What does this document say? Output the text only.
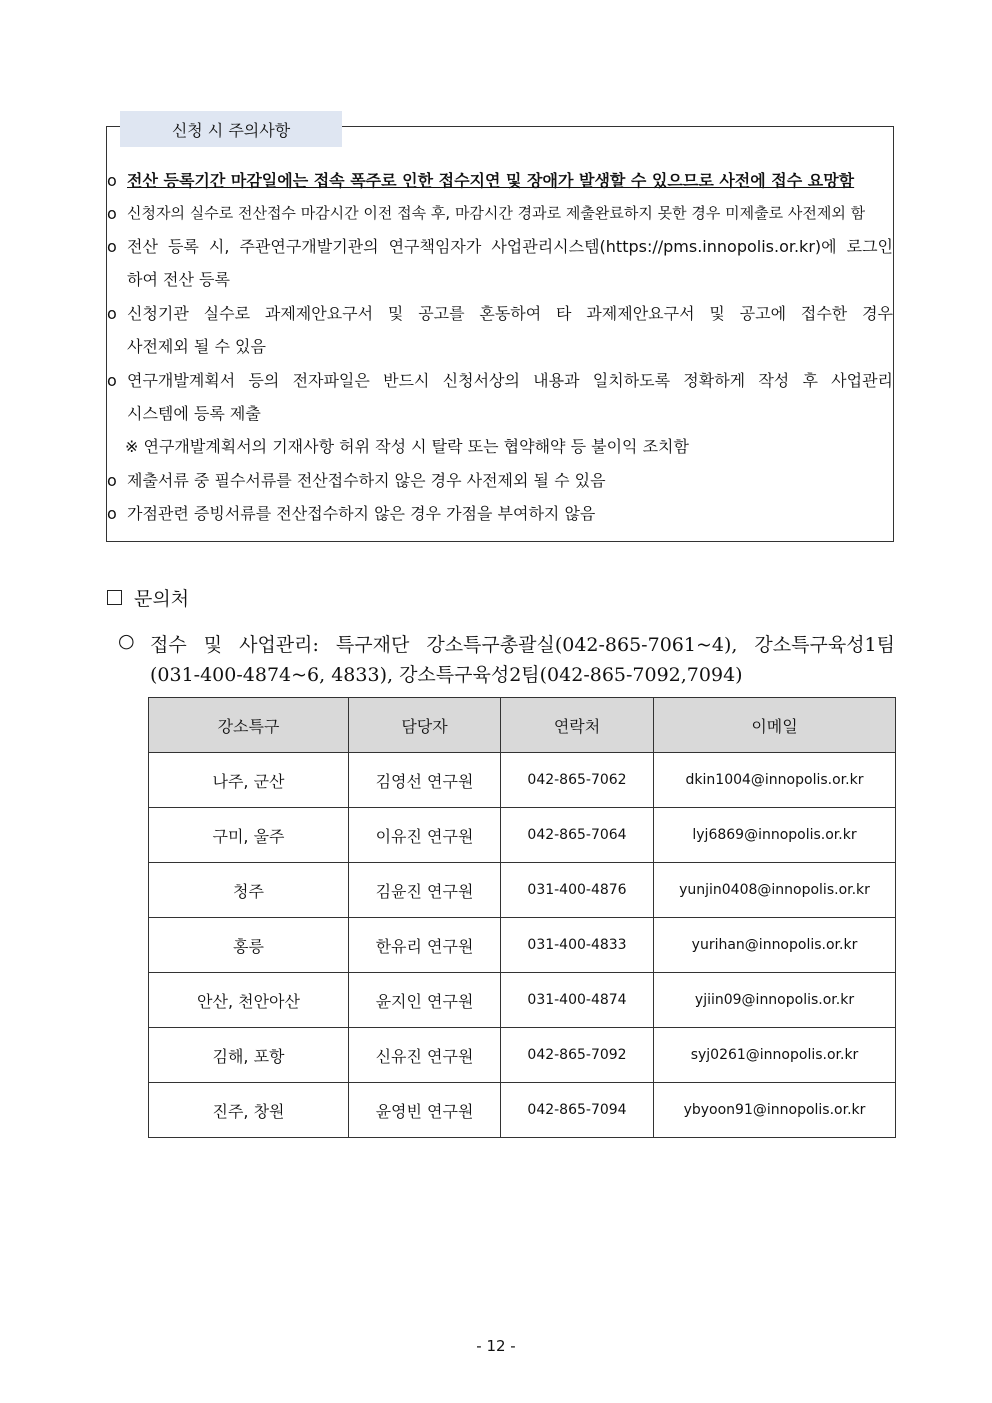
신청 시 주의사항
o 전산 등록기간 마감일에는 접속 폭주로 인한 접수지연 및 장애가 발생할 수 있으므로 사전에 접수 요망함
o 신청자의 실수로 전산접수 마감시간 이전 접속 후, 마감시간 경과로 제출완료하지 못한 경우 미제출로 사전제외 함
o 전산 등록 시, 주관연구개발기관의 연구책임자가 사업관리시스템(https://pms.innopolis.or.kr)에 로그인
하여 전산 등록
o 신청기관 실수로 과제제안요구서 및 공고를 혼동하여 타 과제제안요구서 및 공고에 접수한 경우
사전제외 될 수 있음
o 연구개발계획서 등의 전자파일은 반드시 신청서상의 내용과 일치하도록 정확하게 작성 후 사업관리
시스템에 등록 제출
※ 연구개발계획서의 기재사항 허위 작성 시 탈락 또는 협약해약 등 불이익 조치함
o 제출서류 중 필수서류를 전산접수하지 않은 경우 사전제외 될 수 있음
o 가점관련 증빙서류를 전산접수하지 않은 경우 가점을 부여하지 않음
문의처
○ 접수 및 사업관리: 특구재단 강소특구총괄실(042-865-7061~4), 강소특구육성1팀
(031-400-4874~6, 4833), 강소특구육성2팀(042-865-7092,7094)
강소특구	담당자	연락처	이메일
나주, 군산	김영선 연구원	042-865-7062	dkin1004@innopolis.or.kr
구미, 울주	이유진 연구원	042-865-7064	lyj6869@innopolis.or.kr
청주	김윤진 연구원	031-400-4876	yunjin0408@innopolis.or.kr
홍릉	한유리 연구원	031-400-4833	yurihan@innopolis.or.kr
안산, 천안아산	윤지인 연구원	031-400-4874	yjiin09@innopolis.or.kr
김해, 포항	신유진 연구원	042-865-7092	syj0261@innopolis.or.kr
진주, 창원	윤영빈 연구원	042-865-7094	ybyoon91@innopolis.or.kr
- 12 -
